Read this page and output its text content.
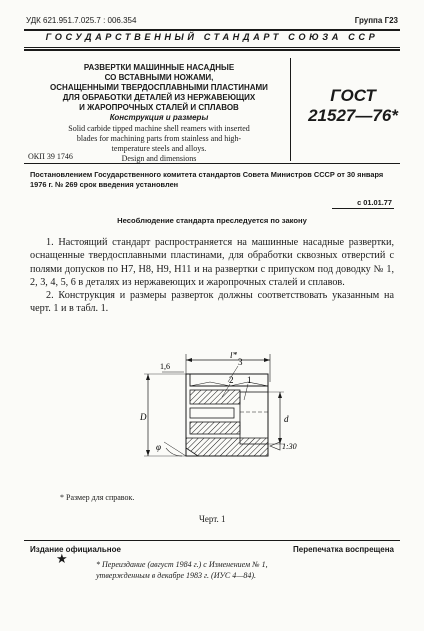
УДК 621.951.7.025.7 : 006.354	Группа Г23
ГОСУДАРСТВЕННЫЙ СТАНДАРТ СОЮЗА ССР
РАЗВЕРТКИ МАШИННЫЕ НАСАДНЫЕ
СО ВСТАВНЫМИ НОЖАМИ,
ОСНАЩЕННЫМИ ТВЕРДОСПЛАВНЫМИ ПЛАСТИНАМИ
ДЛЯ ОБРАБОТКИ ДЕТАЛЕЙ ИЗ НЕРЖАВЕЮЩИХ
И ЖАРОПРОЧНЫХ СТАЛЕЙ И СПЛАВОВ
Конструкция и размеры
Solid carbide tipped machine shell reamers with inserted
blades for machining parts from stainless and high-
temperature steels and alloys.
Design and dimensions
ОКП 39 1746
ГОСТ
21527—76*
Постановлением Государственного комитета стандартов Совета Министров СССР от 30 января 1976 г. № 269 срок введения установлен
с 01.01.77
Несоблюдение стандарта преследуется по закону

1. Настоящий стандарт распространяется на машинные насадные развертки, оснащенные твердосплавными пластинами, для обработки сквозных отверстий с полями допусков по Н7, Н8, Н9, Н11 и на развертки с припуском под доводку № 1, 2, 3, 4, 5, 6 в деталях из нержавеющих и жаропрочных сталей и сплавов.

2. Конструкция и размеры разверток должны соответствовать указанным на черт. 1 и в табл. 1.

l*
1,6	3
2 1
D	d
φ	1:30
* Размер для справок.
Черт. 1
Издание официальное	Перепечатка воспрещена
★	* Переиздание (август 1984 г.) с Изменением № 1,
утвержденным в декабре 1983 г. (ИУС 4—84).
